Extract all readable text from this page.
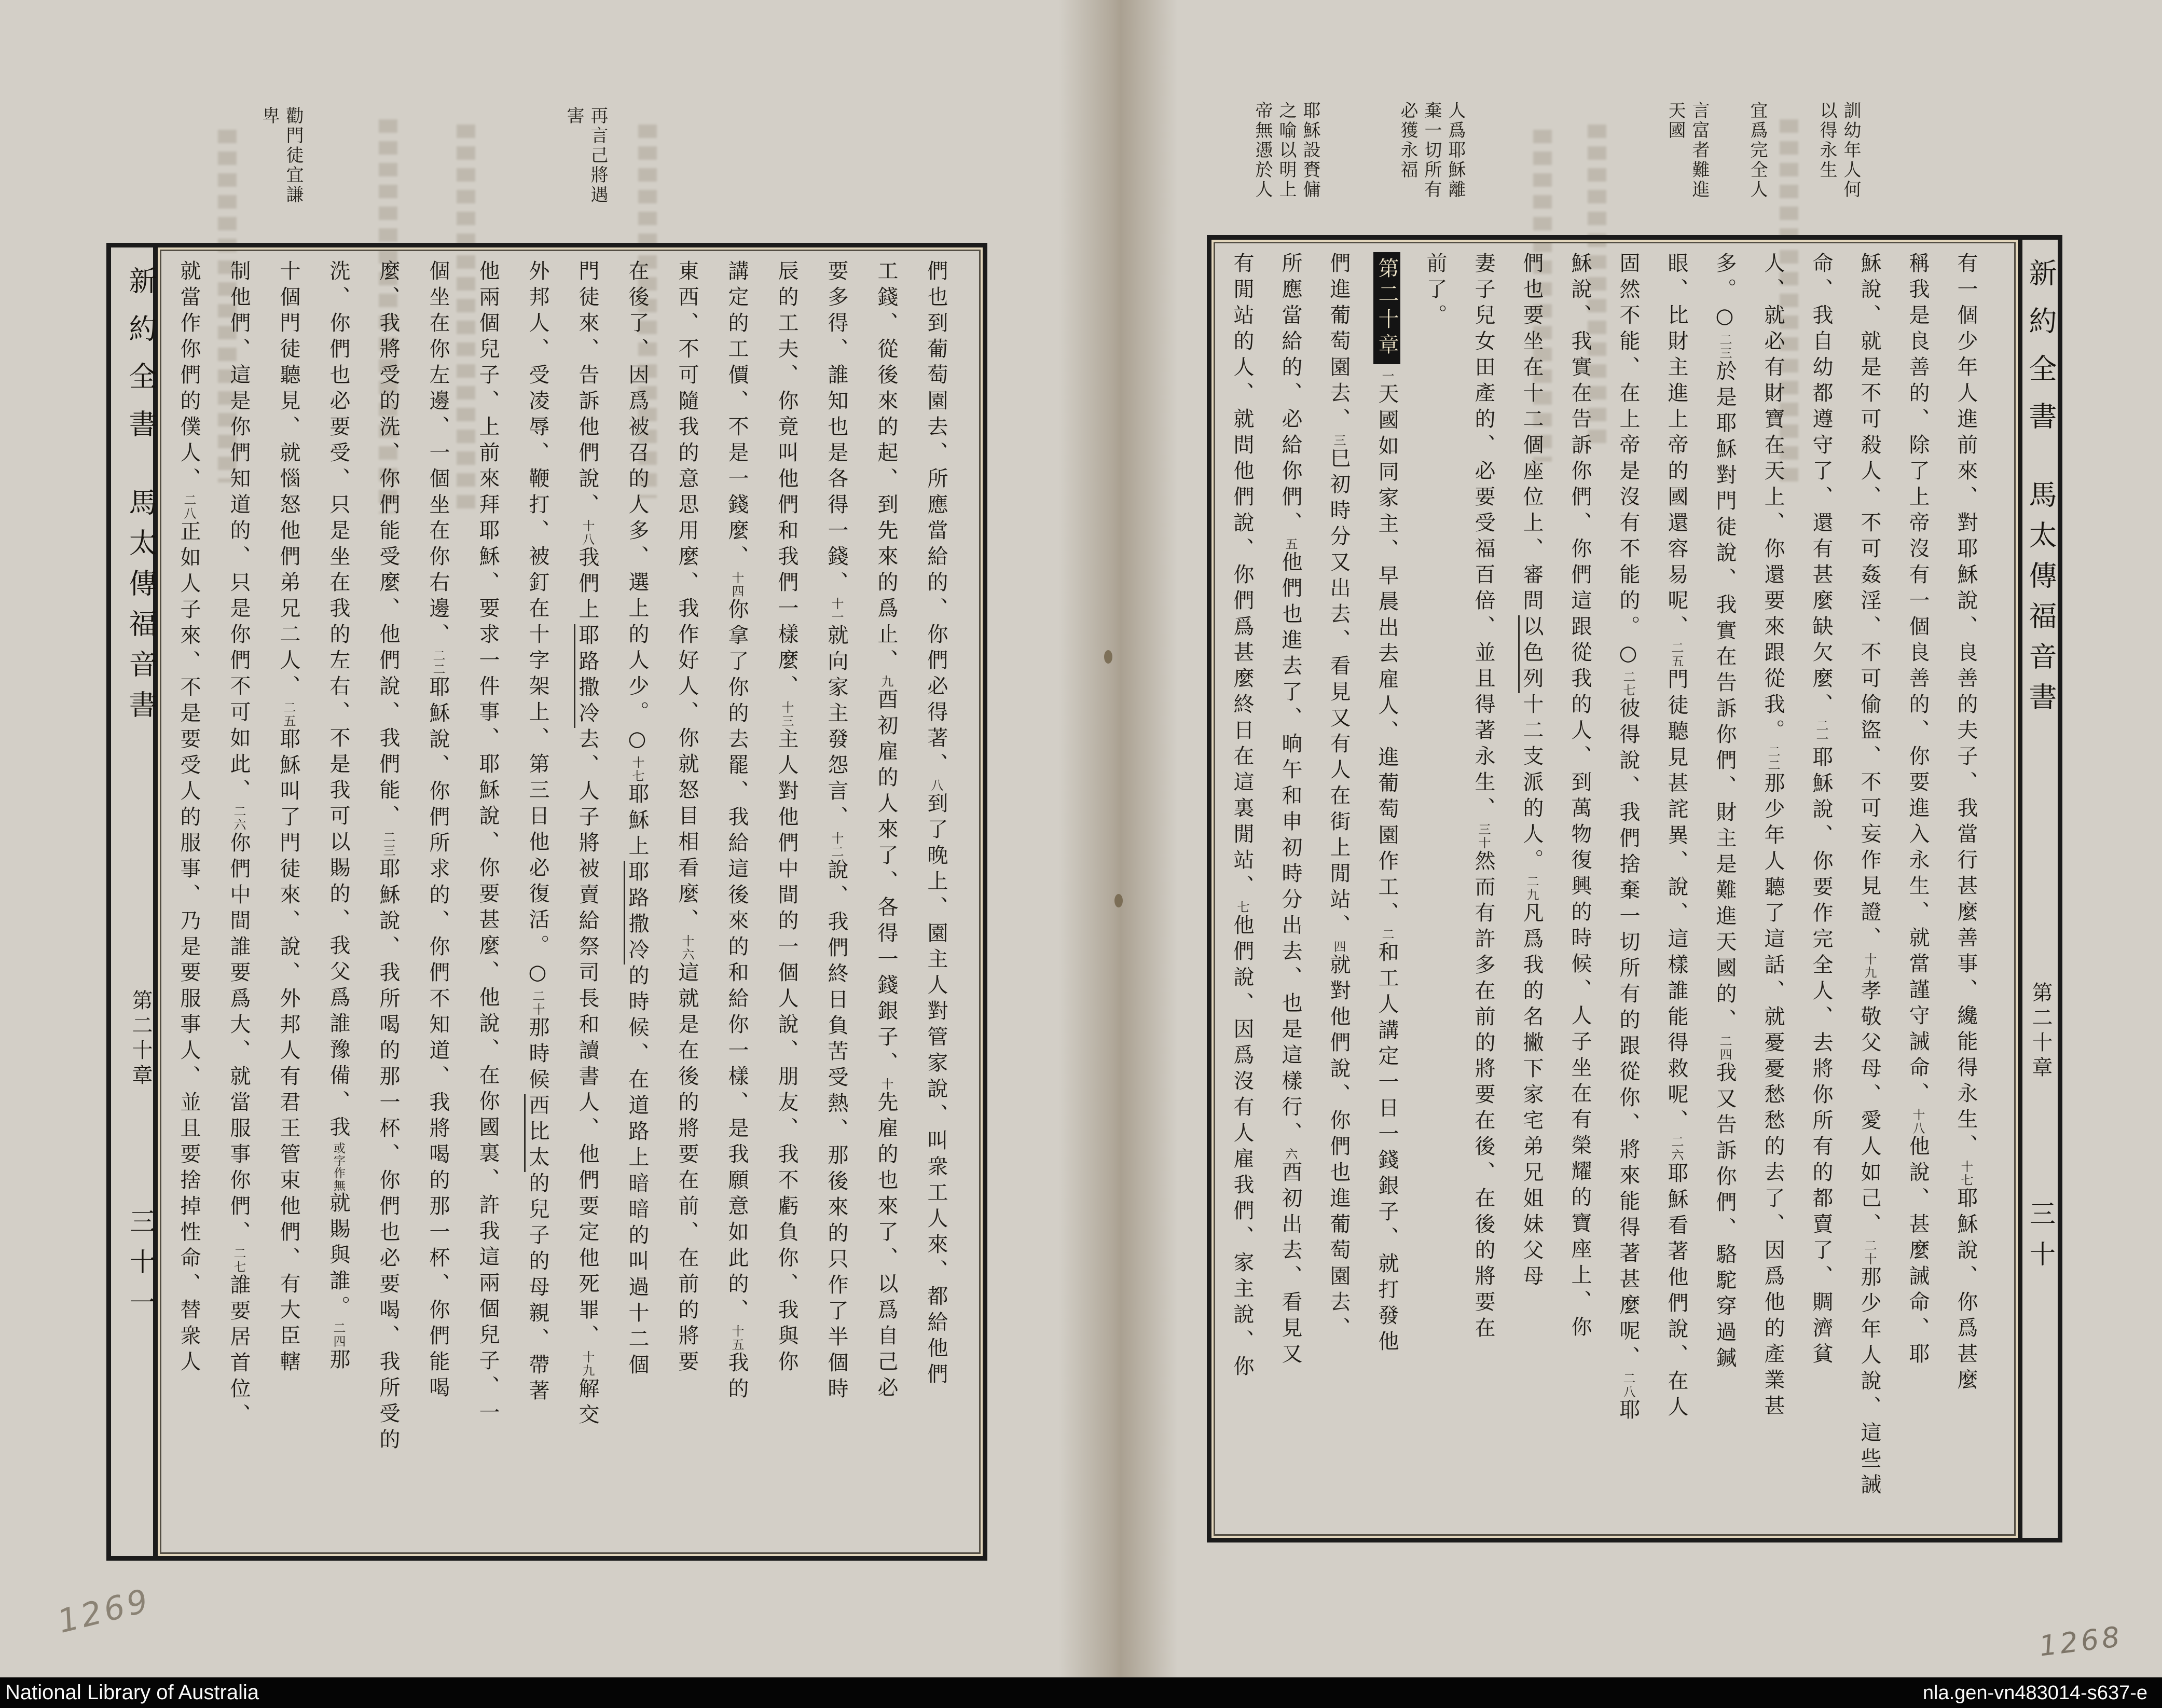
訓幼年人何以得永生
宜爲完全人
言富者難進天國
人爲耶穌離棄一切所有必獲永福
耶穌設賚傭之喻以明上帝無慿於人
有一個少年人進前來、對耶穌說、良善的夫子、我當行甚麼善事、纔能得永生、十七耶穌說、你爲甚麼
稱我是良善的、除了上帝沒有一個良善的、你要進入永生、就當謹守誡命、十八他說、甚麼誡命、耶
穌說、就是不可殺人、不可姦淫、不可偷盜、不可妄作見證、十九孝敬父母、愛人如己、二十那少年人說、這些誡
命、我自幼都遵守了、還有甚麼缺欠麼、二一耶穌說、你要作完全人、去將你所有的都賣了、賙濟貧
人、就必有財寶在天上、你還要來跟從我。二二那少年人聽了這話、就憂憂愁愁的去了、因爲他的產業甚
多。○二三於是耶穌對門徒說、我實在告訴你們、財主是難進天國的、二四我又告訴你們、駱駝穿過鍼
眼、比財主進上帝的國還容易呢、二五門徒聽見甚詫異、說、這樣誰能得救呢、二六耶穌看著他們說、在人
固然不能、在上帝是沒有不能的。○二七彼得說、我們捨棄一切所有的跟從你、將來能得著甚麼呢、二八耶
穌說、我實在告訴你們、你們這跟從我的人、到萬物復興的時候、人子坐在有榮耀的寶座上、你
們也要坐在十二個座位上、審問以色列十二支派的人。二九凡爲我的名撇下家宅弟兄姐妹父母
妻子兒女田產的、必要受福百倍、並且得著永生、三十然而有許多在前的將要在後、在後的將要在
前了。
第二十章一天國如同家主、早晨出去雇人、進葡萄園作工、二和工人講定一日一錢銀子、就打發他
們進葡萄園去、三巳初時分又出去、看見又有人在街上閒站、四就對他們說、你們也進葡萄園去、
所應當給的、必給你們、五他們也進去了、晌午和申初時分出去、也是這樣行、六酉初出去、看見又
有閒站的人、就問他們說、你們爲甚麼終日在這裏閒站、七他們說、因爲沒有人雇我們、家主說、你
新約全書 馬太傳福音書 第二十章 三十
再言己將遇害
勸門徒宜謙卑
們也到葡萄園去、所應當給的、你們必得著、八到了晚上、園主人對管家說、叫衆工人來、都給他們
工錢、從後來的起、到先來的爲止、九酉初雇的人來了、各得一錢銀子、十先雇的也來了、以爲自己必
要多得、誰知也是各得一錢、十一就向家主發怨言、十二說、我們終日負苦受熱、那後來的只作了半個時
辰的工夫、你竟叫他們和我們一樣麼、十三主人對他們中間的一個人說、朋友、我不虧負你、我與你
講定的工價、不是一錢麼、十四你拿了你的去罷、我給這後來的和給你一樣、是我願意如此的、十五我的
東西、不可隨我的意思用麼、我作好人、你就怒目相看麼、十六這就是在後的將要在前、在前的將要
在後了、因爲被召的人多、選上的人少。○十七耶穌上耶路撒冷的時候、在道路上暗暗的叫過十二個
門徒來、告訴他們說、十八我們上耶路撒冷去、人子將被賣給祭司長和讀書人、他們要定他死罪、十九解交
外邦人、受凌辱、鞭打、被釘在十字架上、第三日他必復活。○二十那時候西比太的兒子的母親、帶著
他兩個兒子、上前來拜耶穌、要求一件事、耶穌說、你要甚麼、他說、在你國裏、許我這兩個兒子、一
個坐在你左邊、一個坐在你右邊、二二耶穌說、你們所求的、你們不知道、我將喝的那一杯、你們能喝
麼、我將受的洗、你們能受麼、他們說、我們能、二三耶穌說、我所喝的那一杯、你們也必要喝、我所受的
洗、你們也必要受、只是坐在我的左右、不是我可以賜的、我父爲誰豫備、我或字作無就賜與誰。二四那
十個門徒聽見、就惱怒他們弟兄二人、二五耶穌叫了門徒來、說、外邦人有君王管束他們、有大臣轄
制他們、這是你們知道的、只是你們不可如此、二六你們中間誰要爲大、就當服事你們、二七誰要居首位、
就當作你們的僕人、二八正如人子來、不是要受人的服事、乃是要服事人、並且要捨掉性命、替衆人
新約全書 馬太傳福音書 第二十章 三十一
1269
1268
National Library of Australia	nla.gen-vn483014-s637-e
